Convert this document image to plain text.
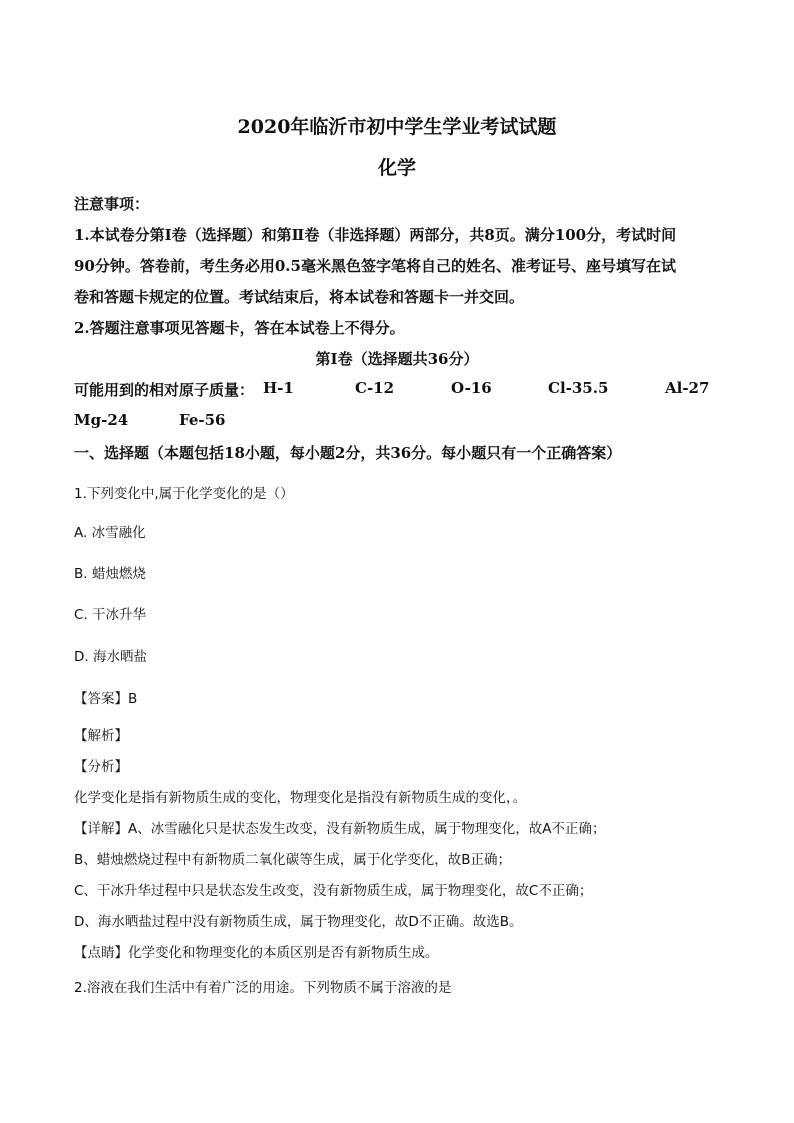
2020年临沂市初中学生学业考试试题
化学
注意事项：
1.本试卷分第Ⅰ卷（选择题）和第Ⅱ卷（非选择题）两部分，共8页。满分100分，考试时间
90分钟。答卷前，考生务必用0.5毫米黑色签字笔将自己的姓名、准考证号、座号填写在试
卷和答题卡规定的位置。考试结束后，将本试卷和答题卡一并交回。
2.答题注意事项见答题卡，答在本试卷上不得分。
第Ⅰ卷（选择题共36分）
可能用到的相对原子质量： H-1	C-12	O-16	Cl-35.5	Al-27
Mg-24	Fe-56
一、选择题（本题包括18小题，每小题2分，共36分。每小题只有一个正确答案）
1.下列变化中,属于化学变化的是（）
A. 冰雪融化
B. 蜡烛燃烧
C. 干冰升华
D. 海水晒盐
【答案】B
【解析】
【分析】
化学变化是指有新物质生成的变化，物理变化是指没有新物质生成的变化，。
【详解】A、冰雪融化只是状态发生改变，没有新物质生成，属于物理变化，故A不正确；
B、蜡烛燃烧过程中有新物质二氧化碳等生成，属于化学变化，故B正确；
C、干冰升华过程中只是状态发生改变，没有新物质生成，属于物理变化，故C不正确；
D、海水晒盐过程中没有新物质生成，属于物理变化，故D不正确。故选B。
【点睛】化学变化和物理变化的本质区别是否有新物质生成。
2.溶液在我们生活中有着广泛的用途。下列物质不属于溶液的是
